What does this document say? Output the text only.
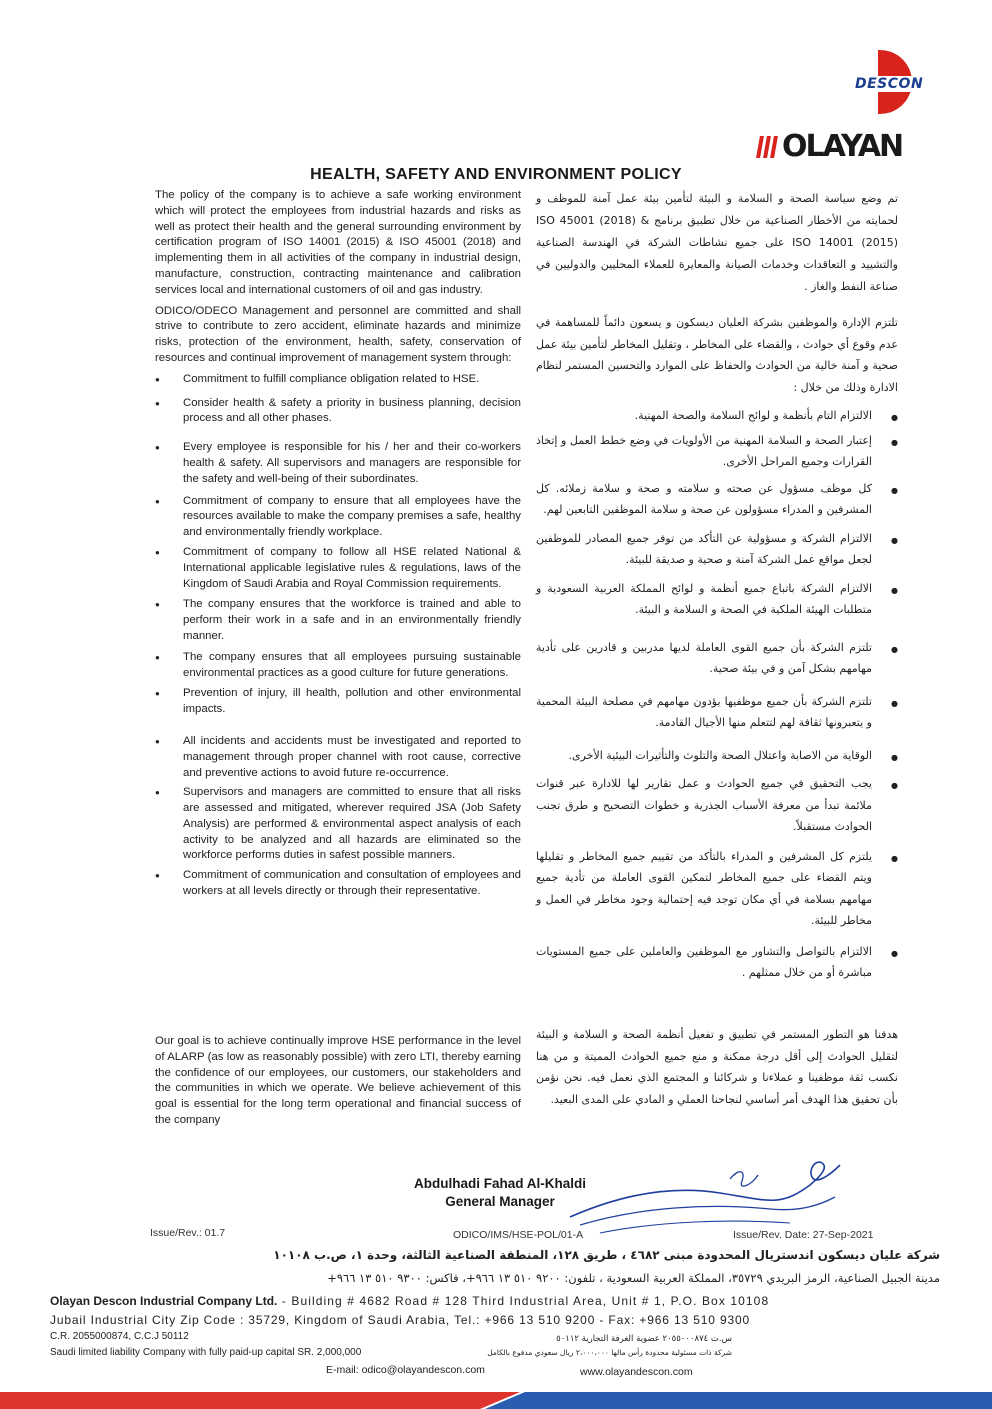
DESCON
OLAYAN
HEALTH, SAFETY AND ENVIRONMENT POLICY

The policy of the company is to achieve a safe working environment which will protect the employees from industrial hazards and risks as well as protect their health and the general surrounding environment by certification program of ISO 14001 (2015) & ISO 45001 (2018) and implementing them in all activities of the company in industrial design, manufacture, construction, contracting maintenance and calibration services local and international customers of oil and gas industry.

ODICO/ODECO Management and personnel are committed and shall strive to contribute to zero accident, eliminate hazards and minimize risks, protection of the environment, health, safety, conservation of resources and continual improvement of management system through:

● Commitment to fulfill compliance obligation related to HSE.
● Consider health & safety a priority in business planning, decision process and all other phases.
● Every employee is responsible for his / her and their co-workers health & safety. All supervisors and managers are responsible for the safety and well-being of their subordinates.
● Commitment of company to ensure that all employees have the resources available to make the company premises a safe, healthy and environmentally friendly workplace.
● Commitment of company to follow all HSE related National & International applicable legislative rules & regulations, laws of the Kingdom of Saudi Arabia and Royal Commission requirements.
● The company ensures that the workforce is trained and able to perform their work in a safe and in an environmentally friendly manner.
● The company ensures that all employees pursuing sustainable environmental practices as a good culture for future generations.
● Prevention of injury, ill health, pollution and other environmental impacts.
● All incidents and accidents must be investigated and reported to management through proper channel with root cause, corrective and preventive actions to avoid future re-occurrence.
● Supervisors and managers are committed to ensure that all risks are assessed and mitigated, wherever required JSA (Job Safety Analysis) are performed & environmental aspect analysis of each activity to be analyzed and all hazards are eliminated so the workforce performs duties in safest possible manners.
● Commitment of communication and consultation of employees and workers at all levels directly or through their representative.

Our goal is to achieve continually improve HSE performance in the level of ALARP (as low as reasonably possible) with zero LTI, thereby earning the confidence of our employees, our customers, our stakeholders and the communities in which we operate. We believe achievement of this goal is essential for the long term operational and financial success of the company

تم وضع سياسة الصحة و السلامة و البيئة لتأمين بيئة عمل آمنة للموظف و لحمايته من الأخطار الصناعية من خلال تطبيق برنامج ISO 45001 (2018) & ISO 14001 (2015) على جميع نشاطات الشركة في الهندسة الصناعية والتشييد و التعاقدات وخدمات الصيانة والمعايرة للعملاء المحليين والدوليين في صناعة النفط والغاز .

تلتزم الإدارة والموظفين بشركة العليان ديسكون و يسعون دائماً للمساهمة في عدم وقوع أي حوادث ، والقضاء على المخاطر ، وتقليل المخاطر لتأمين بيئة عمل صحية و آمنة خالية من الحوادث والحفاظ على الموارد والتحسين المستمر لنظام الادارة وذلك من خلال :

● الالتزام التام بأنظمة و لوائح السلامة والصحة المهنية.
● إعتبار الصحة و السلامة المهنية من الأولويات في وضع خطط العمل و إتخاذ القرارات وجميع المراحل الأخرى.
● كل موظف مسؤول عن صحته و سلامته و صحة و سلامة زملائه. كل المشرفين و المدراء مسؤولون عن صحة و سلامة الموظفين التابعين لهم.
● الالتزام الشركة و مسؤولية عن التأكد من توفر جميع المصادر للموظفين لجعل مواقع عمل الشركة آمنة و صحية و صديقة للبيئة.
● الالتزام الشركة باتباع جميع أنظمة و لوائح المملكة العربية السعودية و متطلبات الهيئة الملكية في الصحة و السلامة و البيئة.
● تلتزم الشركة بأن جميع القوى العاملة لديها مدربين و قادرين على تأدية مهامهم بشكل آمن و في بيئة صحية.
● تلتزم الشركة بأن جميع موظفيها يؤدون مهامهم في مصلحة البيئة المحمية و يتعبرونها ثقافة لهم لتتعلم منها الأجيال القادمة.
● الوقاية من الاصابة واعتلال الصحة والتلوث والتأثيرات البيئية الأخرى.
● يجب التحقيق في جميع الحوادث و عمل تقارير لها للادارة عبر قنوات ملائمة تبدأ من معرفة الأسباب الجذرية و خطوات التصحيح و طرق تجنب الحوادث مستقبلاً.
● يلتزم كل المشرفين و المدراء بالتأكد من تقييم جميع المخاطر و تقليلها ويتم القضاء على جميع المخاطر لتمكين القوى العاملة من تأدية جميع مهامهم بسلامة في أي مكان توجد فيه إحتمالية وجود مخاطر في العمل و مخاطر للبيئة.
● الالتزام بالتواصل والتشاور مع الموظفين والعاملين على جميع المستويات مباشرة أو من خلال ممثلهم .

هدفنا هو التطور المستمر في تطبيق و تفعيل أنظمة الصحة و السلامة و البيئة لتقليل الحوادث إلى أقل درجة ممكنة و منع جميع الحوادث المميتة و من هنا نكسب ثقة موظفينا و عملاءنا و شركائنا و المجتمع الذي نعمل فيه. نحن نؤمن بأن تحقيق هذا الهدف أمر أساسي لنجاحنا العملي و المادي على المدى البعيد.

Abdulhadi Fahad Al-Khaldi
General Manager
Issue/Rev.: 01.7	ODICO/IMS/HSE-POL/01-A	Issue/Rev. Date: 27-Sep-2021
شركة عليان ديسكون اندستريال المحدودة مبنى ٤٦٨٢ ، طريق ١٢٨، المنطقة الصناعية الثالثة، وحدة ١، ص.ب ١٠١٠٨
مدينة الجبيل الصناعية، الرمز البريدي ٣٥٧٢٩، المملكة العربية السعودية ، تلفون: ٩٢٠٠ ٥١٠ ١٣ ٩٦٦+، فاكس: ٩٣٠٠ ٥١٠ ١٣ ٩٦٦+
Olayan Descon Industrial Company Ltd. - Building # 4682 Road # 128 Third Industrial Area, Unit # 1, P.O. Box 10108
Jubail Industrial City Zip Code : 35729, Kingdom of Saudi Arabia, Tel.: +966 13 510 9200 - Fax: +966 13 510 9300
C.R. 2055000874, C.C.J 50112
Saudi limited liability Company with fully paid-up capital SR. 2,000,000
س.ت ٢٠٥٥٠٠٠٨٧٤ عضوية الغرفة التجارية ٥٠١١٢
شركة ذات مسئولية محدودة رأس مالها ٢،٠٠٠،٠٠٠ ريال سعودي مدفوع بالكامل
E-mail: odico@olayandescon.com	www.olayandescon.com
